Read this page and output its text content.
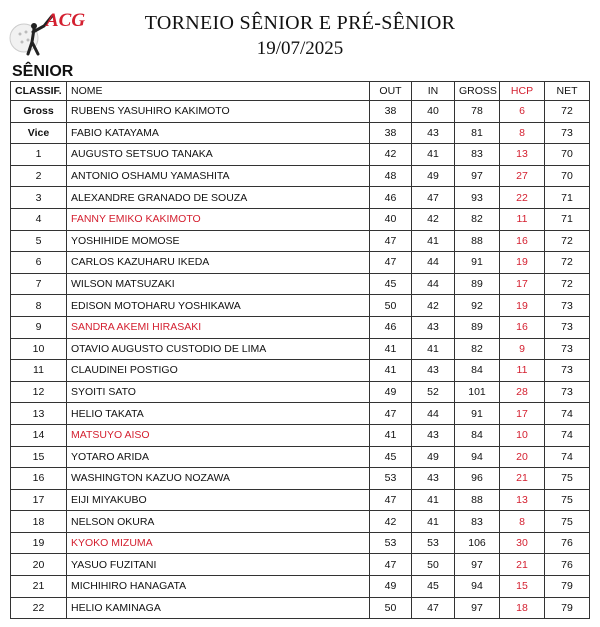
ACG	TORNEIO SÊNIOR E PRÉ-SÊNIOR
19/07/2025
SÊNIOR
CLASSIF.	NOME	OUT	IN	GROSS	HCP	NET
Gross	RUBENS YASUHIRO KAKIMOTO	38	40	78	6	72
Vice	FABIO KATAYAMA	38	43	81	8	73
1	AUGUSTO SETSUO TANAKA	42	41	83	13	70
2	ANTONIO OSHAMU YAMASHITA	48	49	97	27	70
3	ALEXANDRE GRANADO DE SOUZA	46	47	93	22	71
4	FANNY EMIKO KAKIMOTO	40	42	82	11	71
5	YOSHIHIDE MOMOSE	47	41	88	16	72
6	CARLOS KAZUHARU IKEDA	47	44	91	19	72
7	WILSON MATSUZAKI	45	44	89	17	72
8	EDISON MOTOHARU YOSHIKAWA	50	42	92	19	73
9	SANDRA AKEMI HIRASAKI	46	43	89	16	73
10	OTAVIO AUGUSTO CUSTODIO DE LIMA	41	41	82	9	73
11	CLAUDINEI POSTIGO	41	43	84	11	73
12	SYOITI SATO	49	52	101	28	73
13	HELIO TAKATA	47	44	91	17	74
14	MATSUYO AISO	41	43	84	10	74
15	YOTARO ARIDA	45	49	94	20	74
16	WASHINGTON KAZUO NOZAWA	53	43	96	21	75
17	EIJI MIYAKUBO	47	41	88	13	75
18	NELSON OKURA	42	41	83	8	75
19	KYOKO MIZUMA	53	53	106	30	76
20	YASUO FUZITANI	47	50	97	21	76
21	MICHIHIRO HANAGATA	49	45	94	15	79
22	HELIO KAMINAGA	50	47	97	18	79
